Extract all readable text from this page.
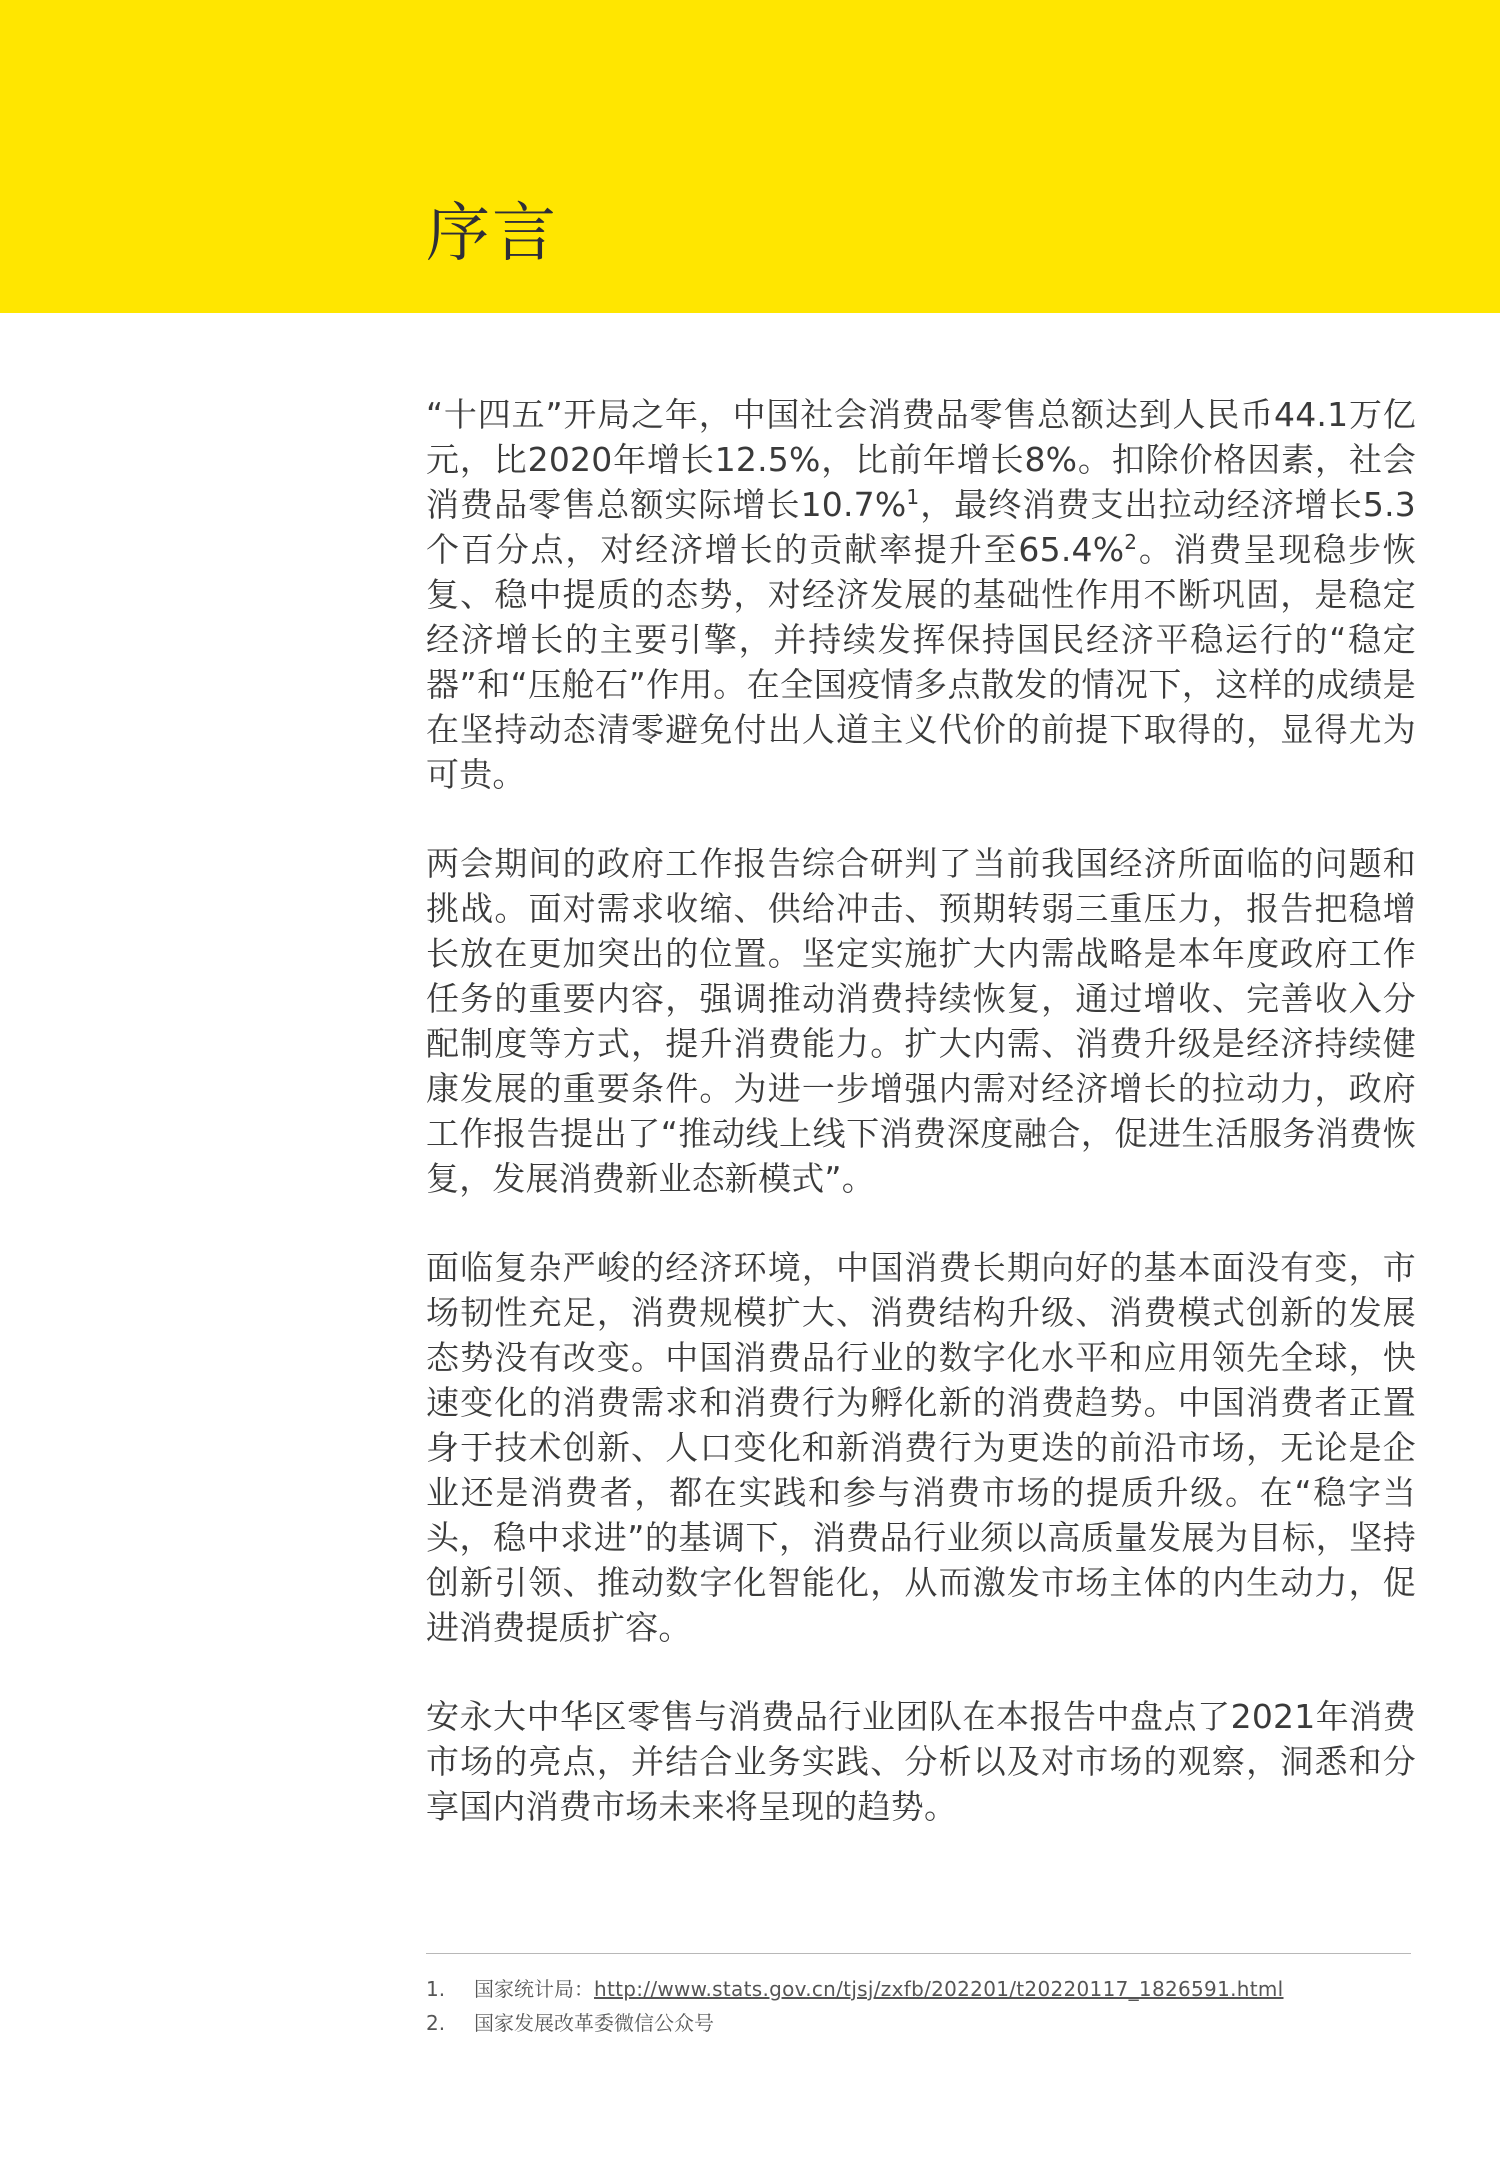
序言

“十四五”开局之年，中国社会消费品零售总额达到人民币44.1万亿元，比2020年增长12.5%，比前年增长8%。扣除价格因素，社会消费品零售总额实际增长10.7%$^1$，最终消费支出拉动经济增长5.3个百分点，对经济增长的贡献率提升至65.4%$^2$。消费呈现稳步恢复、稳中提质的态势，对经济发展的基础性作用不断巩固，是稳定经济增长的主要引擎，并持续发挥保持国民经济平稳运行的“稳定器”和“压舱石”作用。在全国疫情多点散发的情况下，这样的成绩是在坚持动态清零避免付出人道主义代价的前提下取得的，显得尤为可贵。

两会期间的政府工作报告综合研判了当前我国经济所面临的问题和挑战。面对需求收缩、供给冲击、预期转弱三重压力，报告把稳增长放在更加突出的位置。坚定实施扩大内需战略是本年度政府工作任务的重要内容，强调推动消费持续恢复，通过增收、完善收入分配制度等方式，提升消费能力。扩大内需、消费升级是经济持续健康发展的重要条件。为进一步增强内需对经济增长的拉动力，政府工作报告提出了“推动线上线下消费深度融合，促进生活服务消费恢复，发展消费新业态新模式”。

面临复杂严峻的经济环境，中国消费长期向好的基本面没有变，市场韧性充足，消费规模扩大、消费结构升级、消费模式创新的发展态势没有改变。中国消费品行业的数字化水平和应用领先全球，快速变化的消费需求和消费行为孵化新的消费趋势。中国消费者正置身于技术创新、人口变化和新消费行为更迭的前沿市场，无论是企业还是消费者，都在实践和参与消费市场的提质升级。在“稳字当头，稳中求进”的基调下，消费品行业须以高质量发展为目标，坚持创新引领、推动数字化智能化，从而激发市场主体的内生动力，促进消费提质扩容。

安永大中华区零售与消费品行业团队在本报告中盘点了2021年消费市场的亮点，并结合业务实践、分析以及对市场的观察，洞悉和分享国内消费市场未来将呈现的趋势。

1.	国家统计局： http://www.stats.gov.cn/tjsj/zxfb/202201/t20220117_1826591.html
2.	国家发展改革委微信公众号
